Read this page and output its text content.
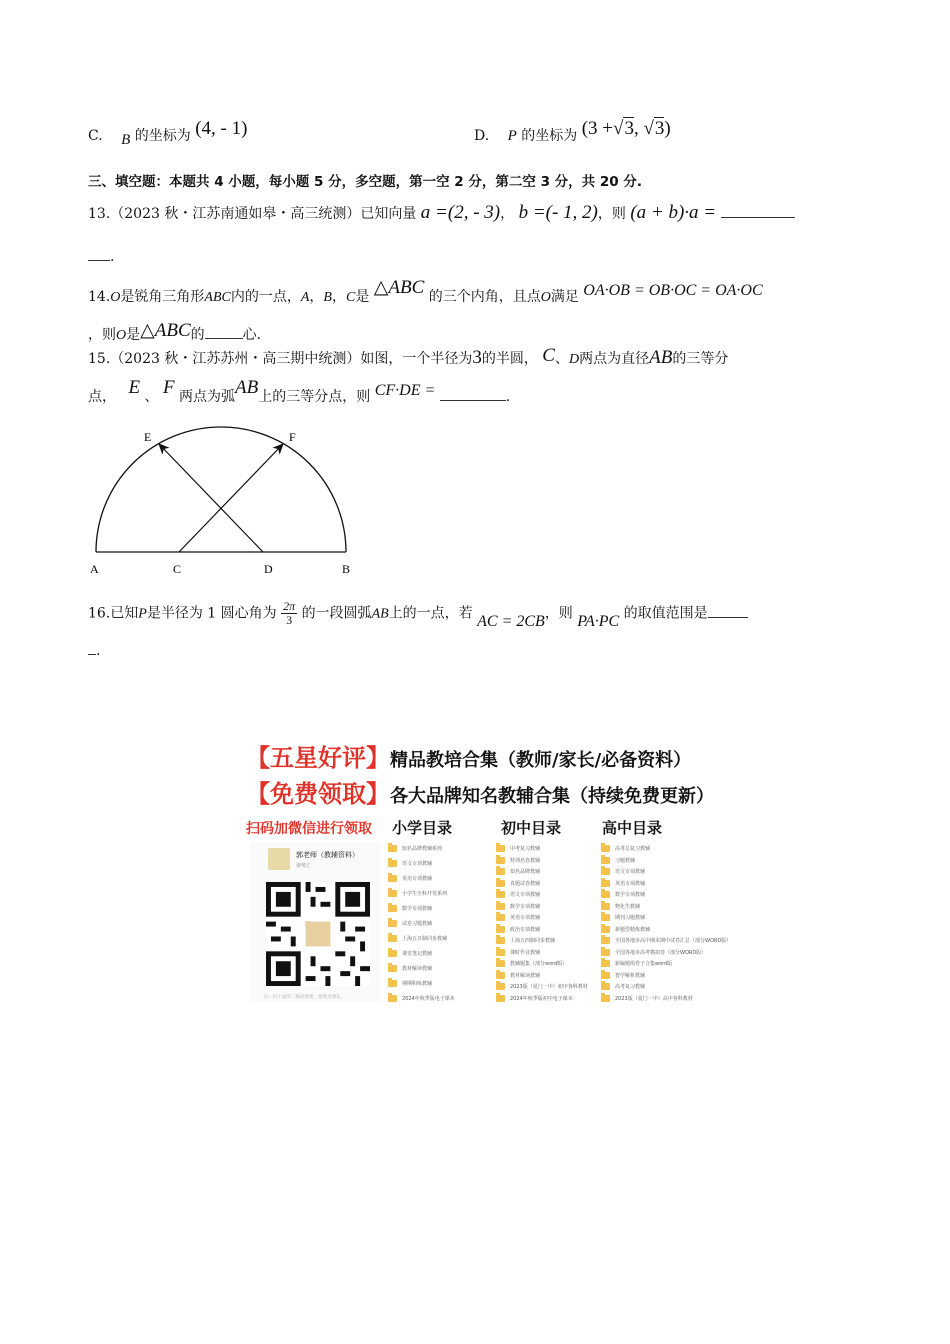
C. B 的坐标为 (4, - 1)	D. P 的坐标为 (3 +√3, √3)
三、填空题：本题共 4 小题，每小题 5 分，多空题，第一空 2 分，第二空 3 分，共 20 分.
13.（2023 秋・江苏南通如皋・高三统测）已知向量 a =(2, - 3)， b =(- 1, 2)，则 (a + b)·a =
.
14.O是锐角三角形ABC内的一点，A，B，C是 △ABC 的三个内角，且点O满足 OA·OB = OB·OC = OA·OC
，则O是△ABC的	心.
15.（2023 秋・江苏苏州・高三期中统测）如图，一个半径为3的半圆， C、D两点为直径AB的三等分
点， E 、 F 两点为弧AB上的三等分点，则 CF·DE =	.
E	F
A	C	D	B
16.已知P是半径为 1 圆心角为 $\frac{2\pi}{3}$ 的一段圆弧AB上的一点，若 AC = 2CB，则 PA·PC 的取值范围是
.
【五星好评】精品教培合集（教师/家长/必备资料）
【免费领取】各大品牌知名教辅合集（持续免费更新）
扫码加微信进行领取 小学目录	初中目录	高中目录
郭老师（教辅资料）
聚鹭汇
扫一扫上面的二维码图案，加我为朋友。
知名品牌教辅系列
语文专项教辅
英语专项教辅
小学生全科开发系列
数学专项教辅
试卷习题教辅
上海五日制同步教辅
课堂笔记教辅
教材解读教辅
期期积练教辅
2024年秋季版电子课本
中考复习教辅
特训名卷教辅
知名品牌教辅
真题试卷教辅
语文专项教辅
数学专项教辅
英语专项教辅
政治专项教辅
上海五四制同步教辅
课时作业教辅
教辅题集（部分word版）
教材解读教辅
2023版（夏门一中）初中各科教材
2024年秋季版初中电子课本
高考总复习教辅
习题教辅
语文专项教辅
英语专项教辅
数学专项教辅
物化生教辅
期刊习题教辅
新题型精炼教辅
全国各地市高中期末期中试卷汇总（部分WORD版）
全国各地市高考模拟卷（部分WORD版）
新编题组卷子合集word版
智学解析教辅
高考复习教辅
2023版（夏门一中）高中各科教材
